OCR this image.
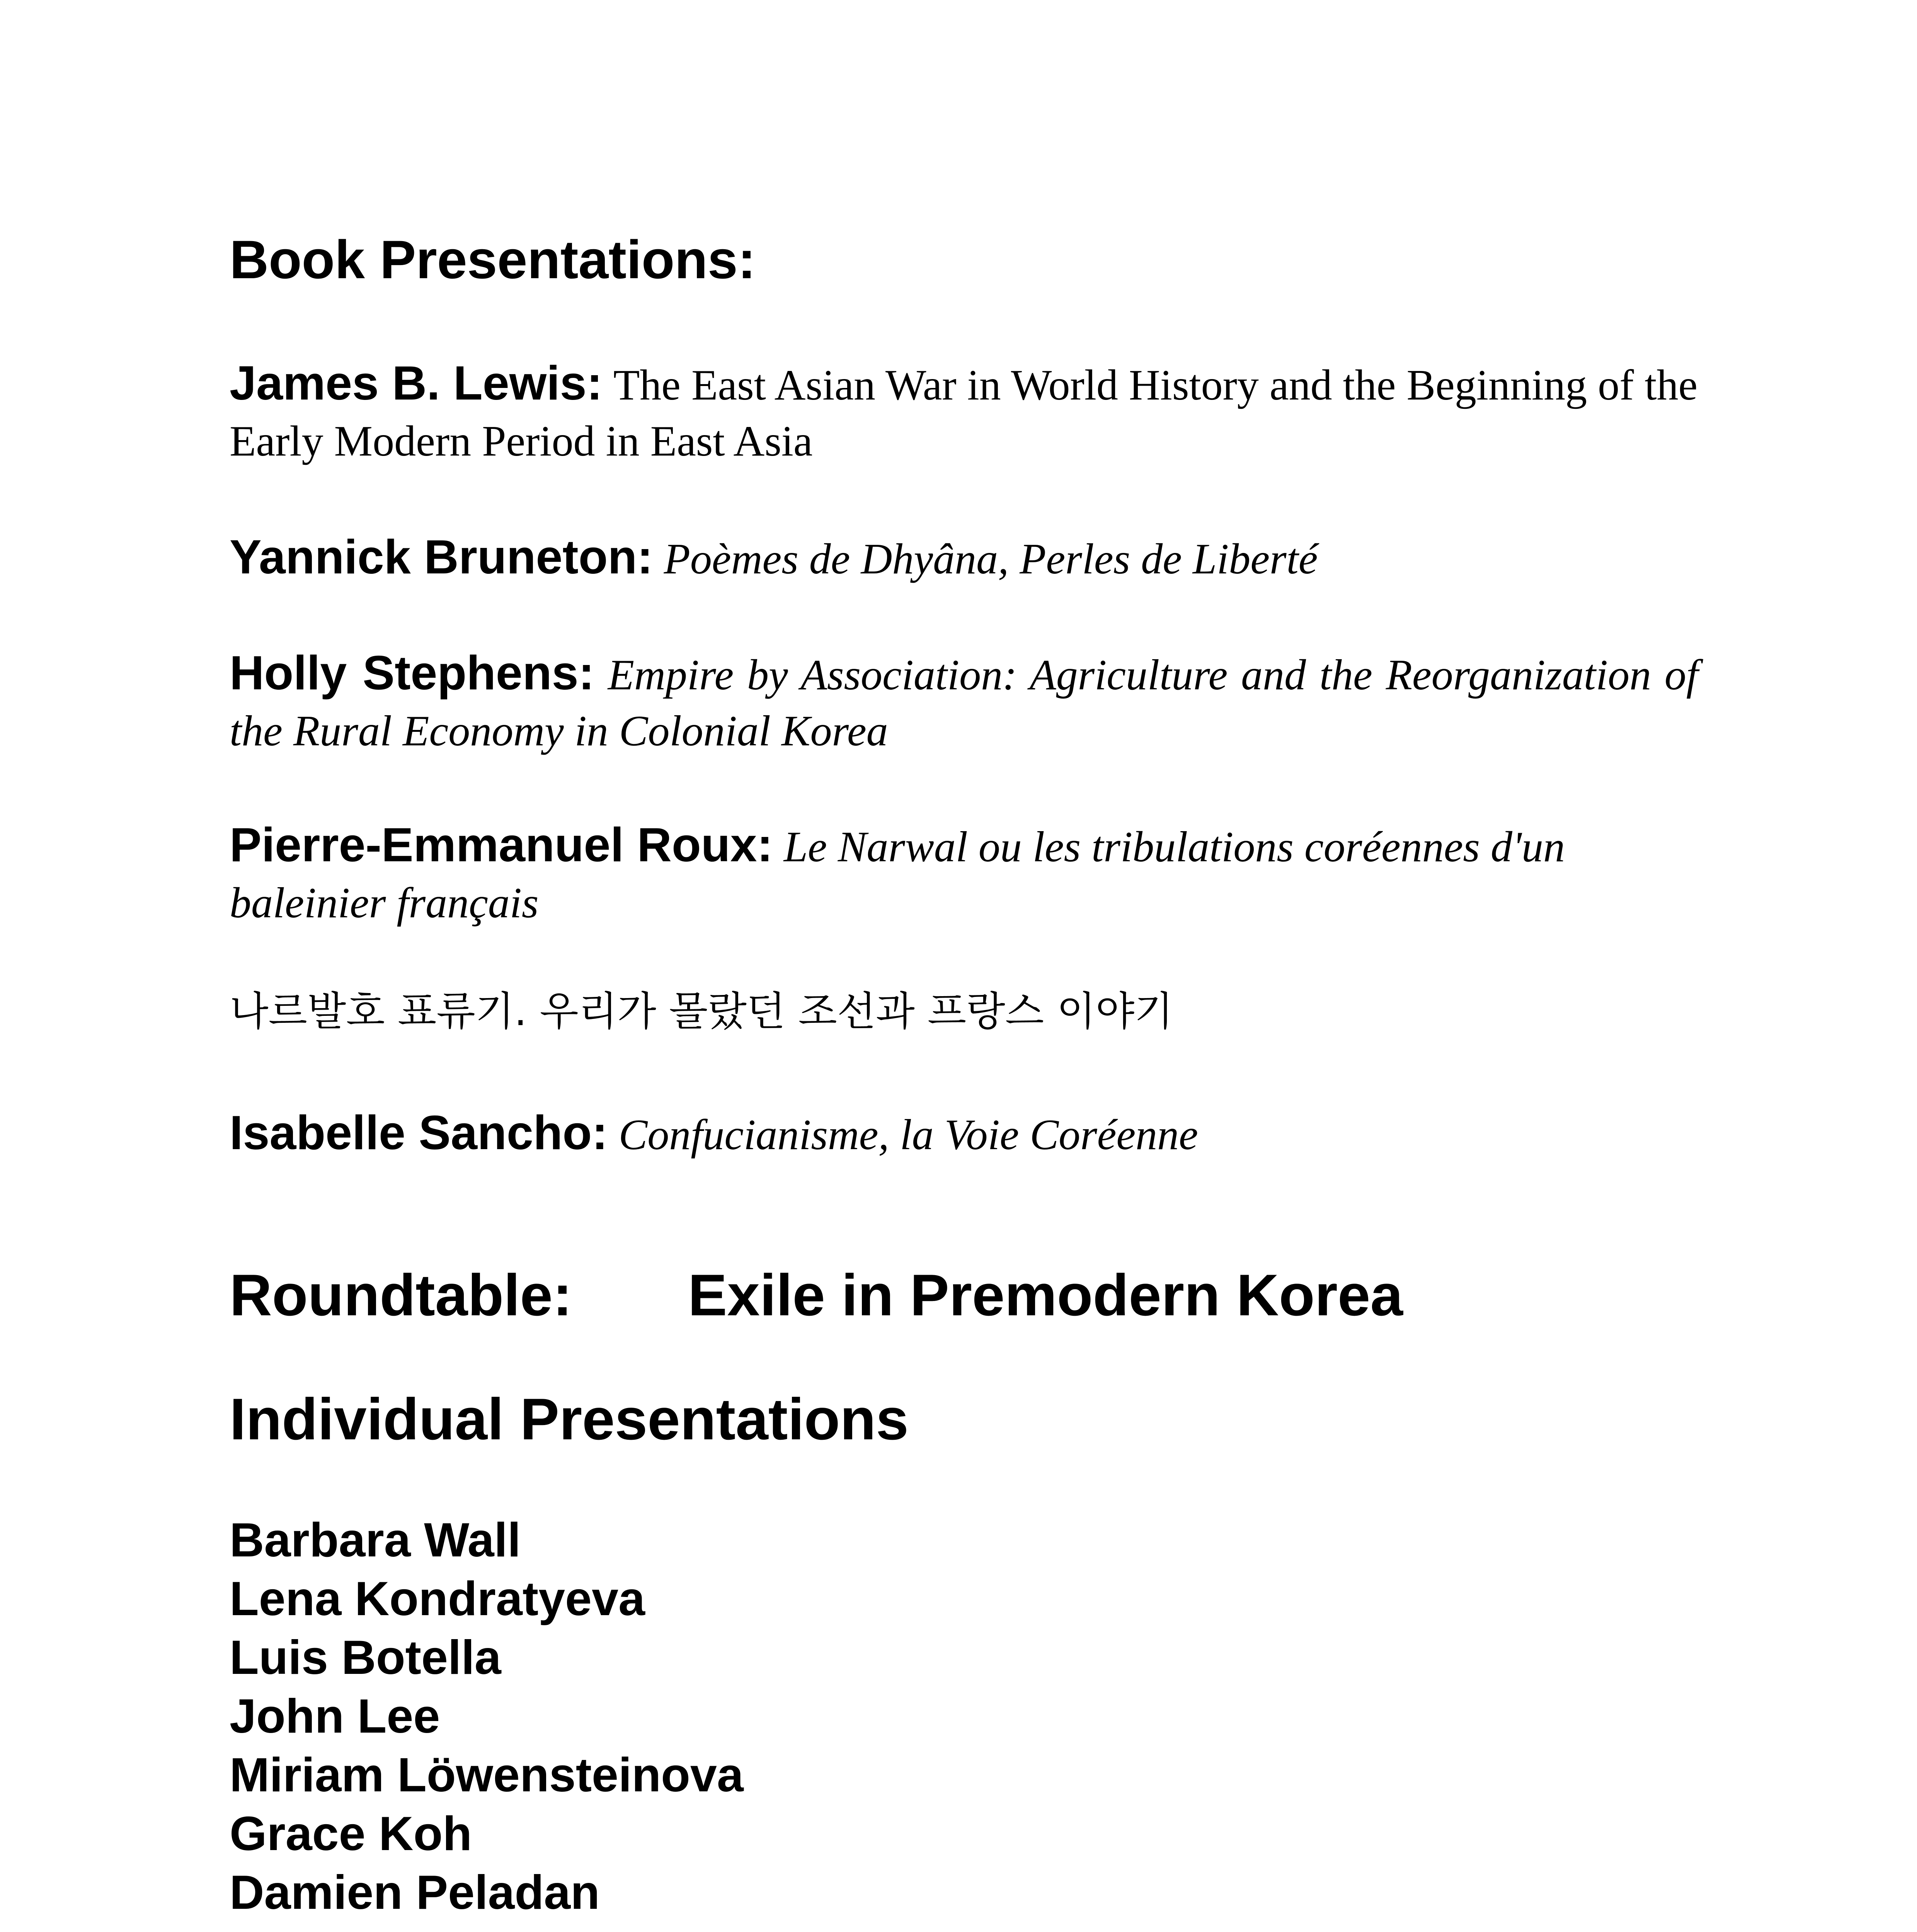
Book Presentations:
James B. Lewis: The East Asian War in World History and the Beginning of the Early Modern Period in East Asia
Yannick Bruneton: Poèmes de Dhyâna, Perles de Liberté
Holly Stephens: Empire by Association: Agriculture and the Reorganization of the Rural Economy in Colonial Korea
Pierre-Emmanuel Roux: Le Narwal ou les tribulations coréennes d'un baleinier français
나르발호 표류기. 우리가 몰랐던 조선과 프랑스 이야기
Isabelle Sancho: Confucianisme, la Voie Coréenne
Roundtable: Exile in Premodern Korea
Individual Presentations
Barbara Wall
Lena Kondratyeva
Luis Botella
John Lee
Miriam Löwensteinova
Grace Koh
Damien Peladan
